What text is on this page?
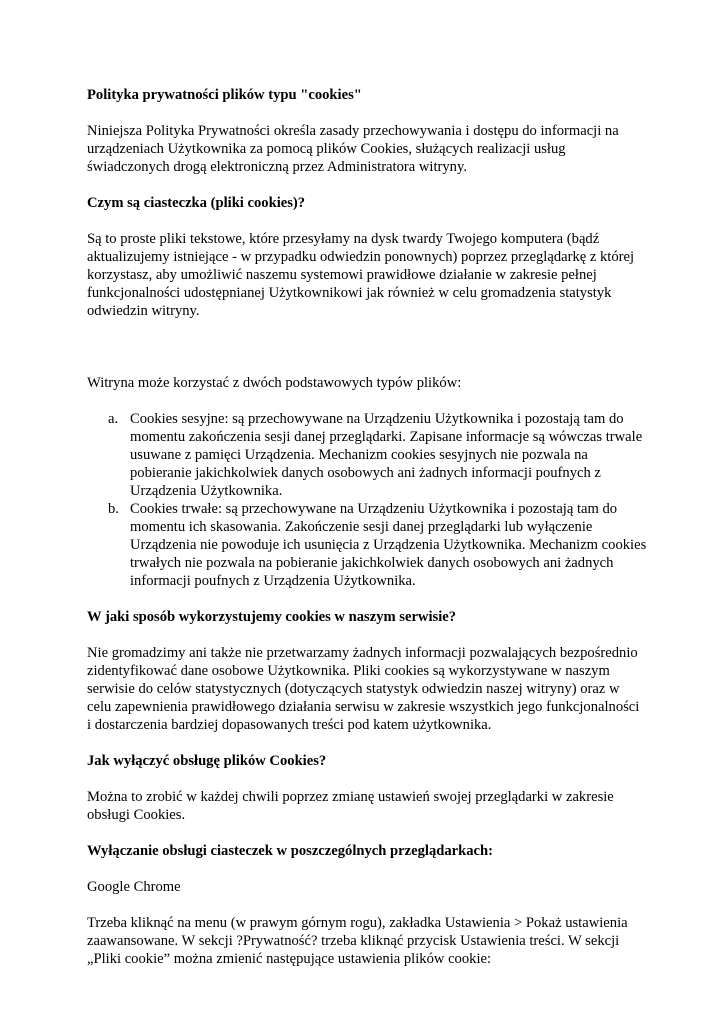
Polityka prywatności plików typu "cookies"

Niniejsza Polityka Prywatności określa zasady przechowywania i dostępu do informacji na urządzeniach Użytkownika za pomocą plików Cookies, służących realizacji usług świadczonych drogą elektroniczną przez Administratora witryny.

Czym są ciasteczka (pliki cookies)?

Są to proste pliki tekstowe, które przesyłamy na dysk twardy Twojego komputera (bądź aktualizujemy istniejące - w przypadku odwiedzin ponownych) poprzez przeglądarkę z której korzystasz, aby umożliwić naszemu systemowi prawidłowe działanie w zakresie pełnej funkcjonalności udostępnianej Użytkownikowi jak również w celu gromadzenia statystyk odwiedzin witryny.

Witryna może korzystać z dwóch podstawowych typów plików:

a. Cookies sesyjne: są przechowywane na Urządzeniu Użytkownika i pozostają tam do momentu zakończenia sesji danej przeglądarki. Zapisane informacje są wówczas trwale usuwane z pamięci Urządzenia. Mechanizm cookies sesyjnych nie pozwala na pobieranie jakichkolwiek danych osobowych ani żadnych informacji poufnych z Urządzenia Użytkownika.
b. Cookies trwałe: są przechowywane na Urządzeniu Użytkownika i pozostają tam do momentu ich skasowania. Zakończenie sesji danej przeglądarki lub wyłączenie Urządzenia nie powoduje ich usunięcia z Urządzenia Użytkownika. Mechanizm cookies trwałych nie pozwala na pobieranie jakichkolwiek danych osobowych ani żadnych informacji poufnych z Urządzenia Użytkownika.
W jaki sposób wykorzystujemy cookies w naszym serwisie?

Nie gromadzimy ani także nie przetwarzamy żadnych informacji pozwalających bezpośrednio zidentyfikować dane osobowe Użytkownika. Pliki cookies są wykorzystywane w naszym serwisie do celów statystycznych (dotyczących statystyk odwiedzin naszej witryny) oraz w celu zapewnienia prawidłowego działania serwisu w zakresie wszystkich jego funkcjonalności i dostarczenia bardziej dopasowanych treści pod katem użytkownika.

Jak wyłączyć obsługę plików Cookies?

Można to zrobić w każdej chwili poprzez zmianę ustawień swojej przeglądarki w zakresie obsługi Cookies.

Wyłączanie obsługi ciasteczek w poszczególnych przeglądarkach:

Google Chrome

Trzeba kliknąć na menu (w prawym górnym rogu), zakładka Ustawienia > Pokaż ustawienia zaawansowane. W sekcji ?Prywatność? trzeba kliknąć przycisk Ustawienia treści. W sekcji „Pliki cookie” można zmienić następujące ustawienia plików cookie:
